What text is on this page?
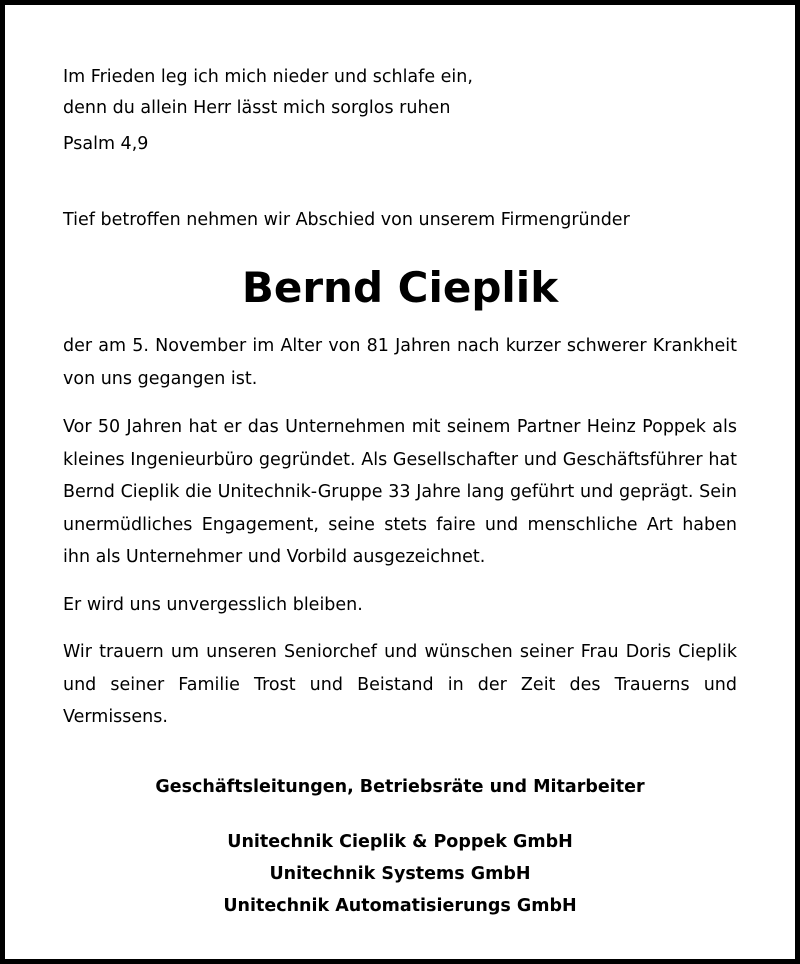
Im Frieden leg ich mich nieder und schlafe ein,
denn du allein Herr lässt mich sorglos ruhen
Psalm 4,9
Tief betroffen nehmen wir Abschied von unserem Firmengründer
Bernd Cieplik
der am 5. November im Alter von 81 Jahren nach kurzer schwerer Krankheit von uns gegangen ist.
Vor 50 Jahren hat er das Unternehmen mit seinem Partner Heinz Poppek als kleines Ingenieurbüro gegründet. Als Gesellschafter und Geschäftsführer hat Bernd Cieplik die Unitechnik-Gruppe 33 Jahre lang geführt und geprägt. Sein unermüdliches Engagement, seine stets faire und menschliche Art haben ihn als Unternehmer und Vorbild ausgezeichnet.
Er wird uns unvergesslich bleiben.
Wir trauern um unseren Seniorchef und wünschen seiner Frau Doris Cieplik und seiner Familie Trost und Beistand in der Zeit des Trauerns und Vermissens.
Geschäftsleitungen, Betriebsräte und Mitarbeiter
Unitechnik Cieplik & Poppek GmbH
Unitechnik Systems GmbH
Unitechnik Automatisierungs GmbH
